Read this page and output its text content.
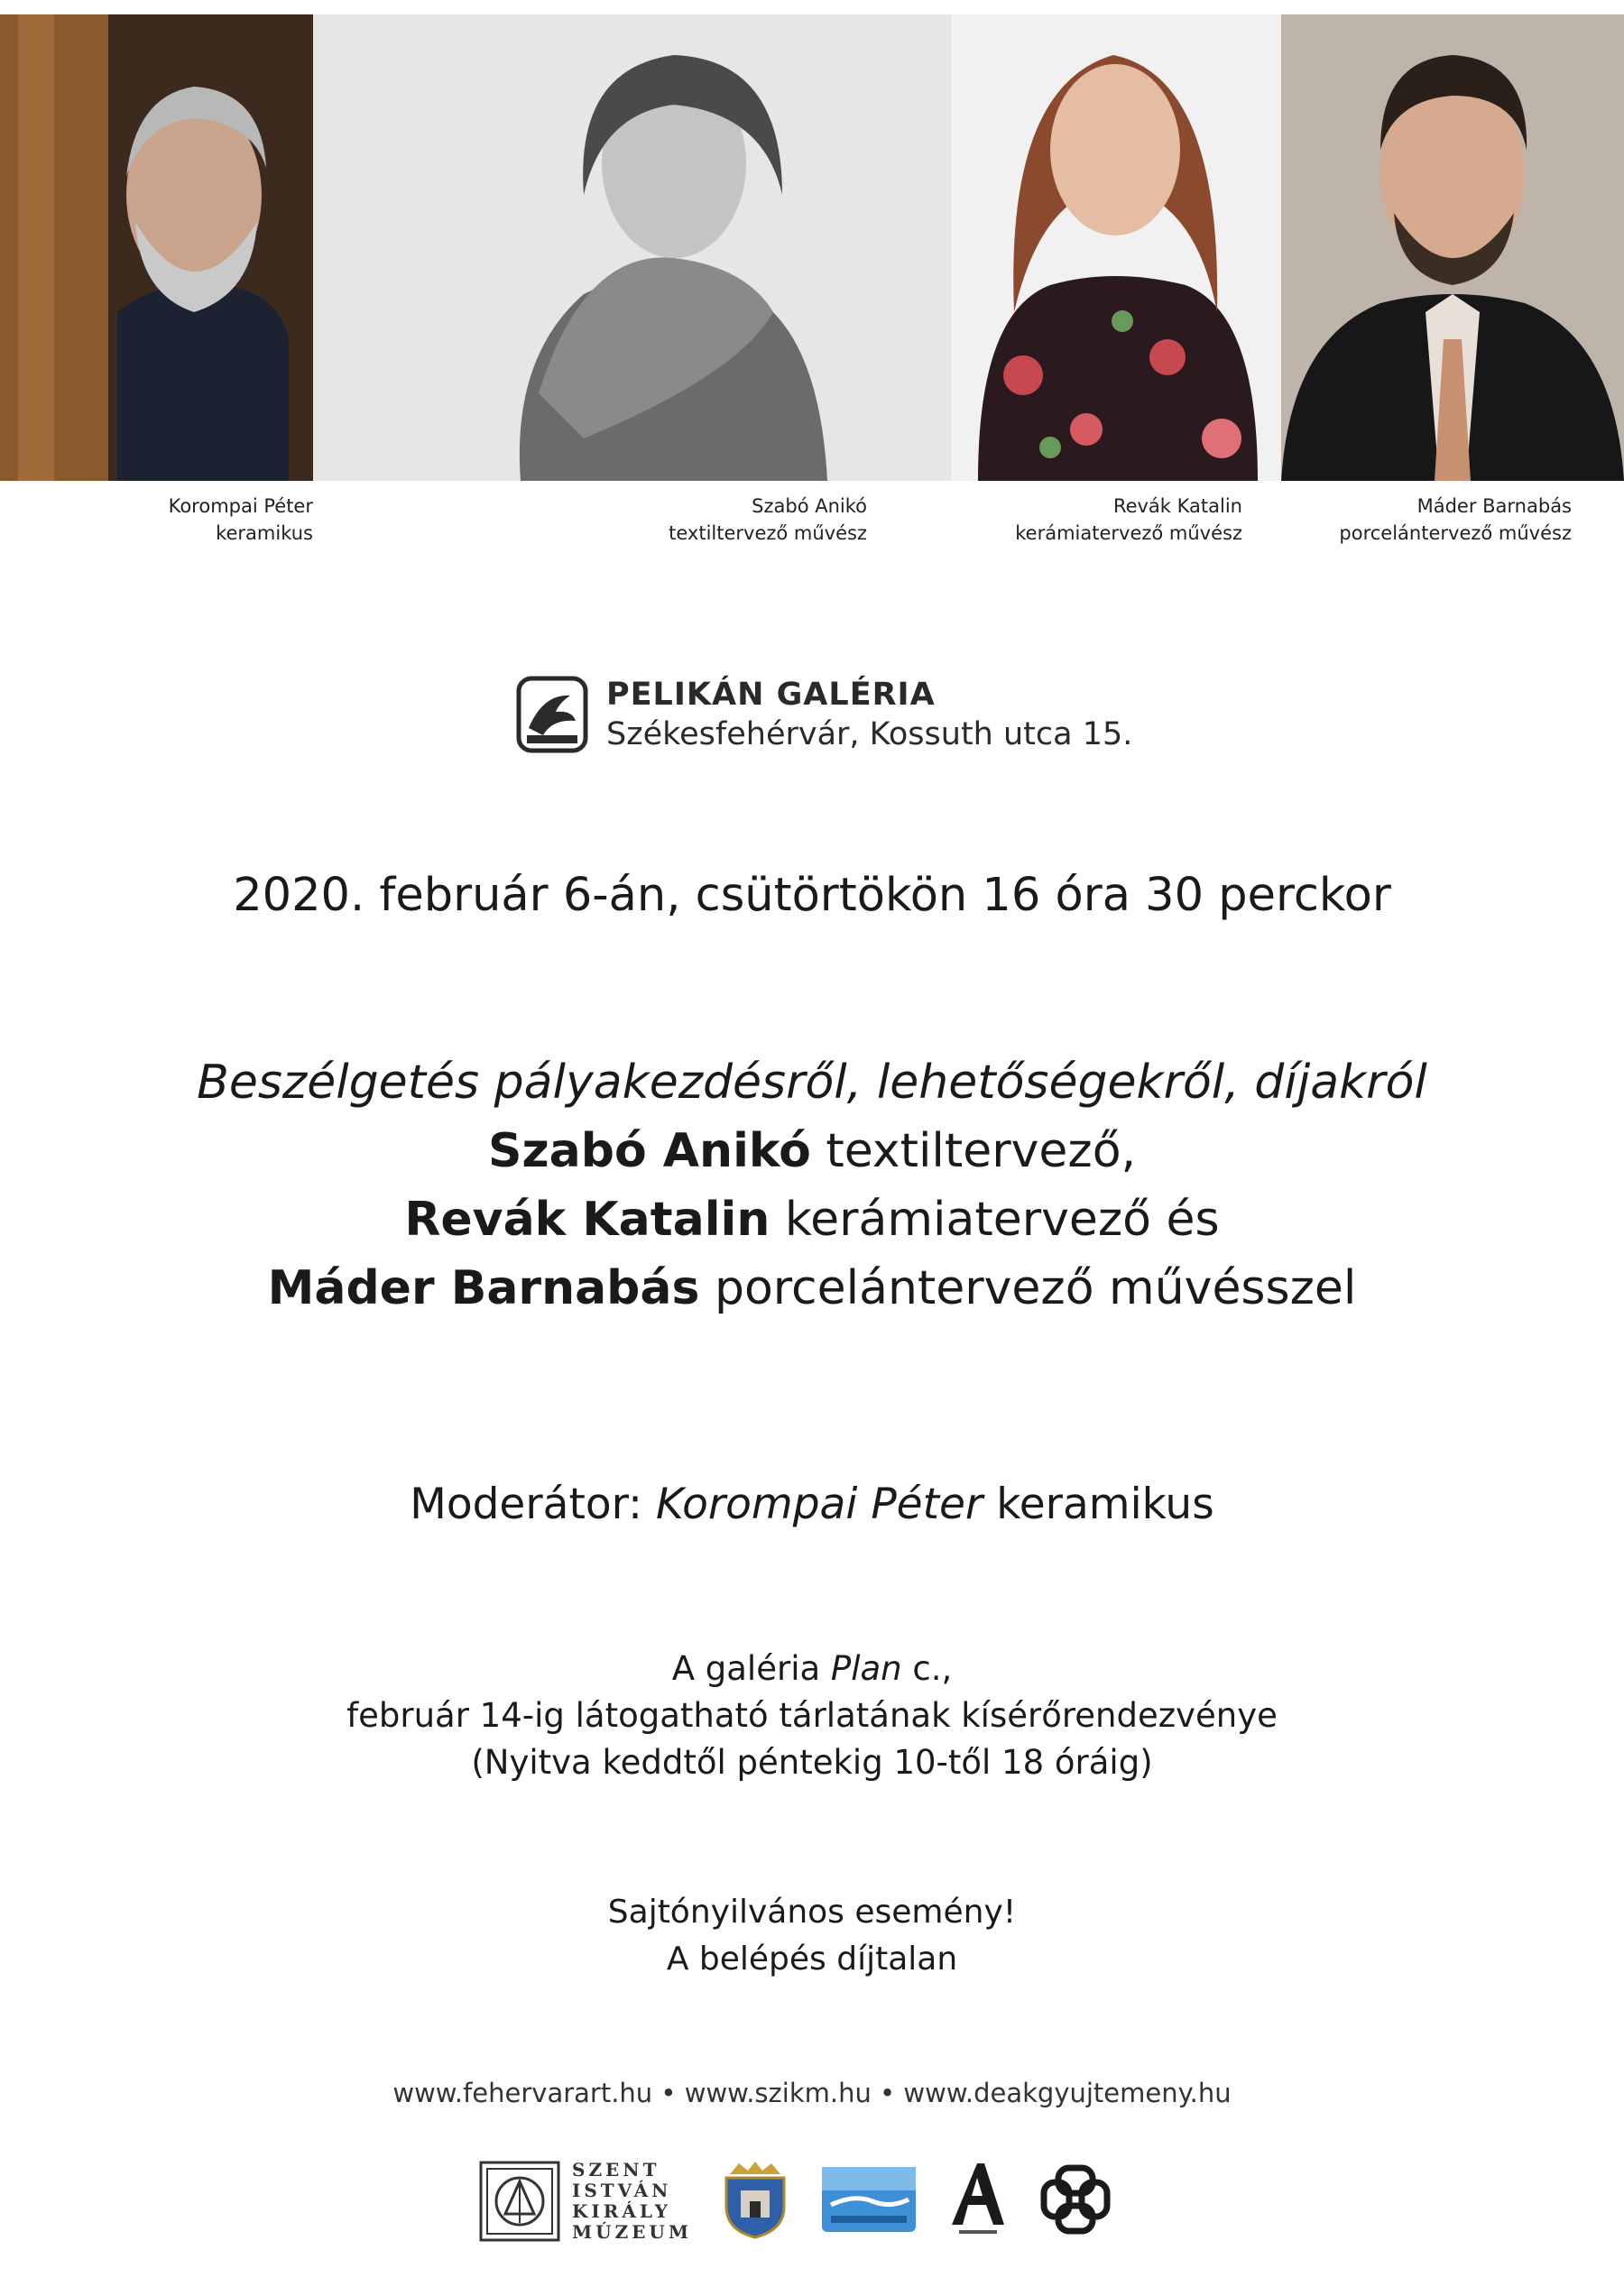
Korompai Péter
keramikus
Szabó Anikó
textiltervező művész
Revák Katalin
kerámiatervező művész
Máder Barnabás
porcelántervező művész
PELIKÁN GALÉRIA
Székesfehérvár, Kossuth utca 15.
2020. február 6-án, csütörtökön 16 óra 30 perckor
Beszélgetés pályakezdésről, lehetőségekről, díjakról
Szabó Anikó textiltervező,
Revák Katalin kerámiatervező és
Máder Barnabás porcelántervező művésszel
Moderátor: Korompai Péter keramikus
A galéria Plan c.,
február 14-ig látogatható tárlatának kísérőrendezvénye
(Nyitva keddtől péntekig 10-től 18 óráig)
Sajtónyilvános esemény!
A belépés díjtalan
www.fehervarart.hu • www.szikm.hu • www.deakgyujtemeny.hu
SZENT
ISTVÁN
KIRÁLY
MÚZEUM
